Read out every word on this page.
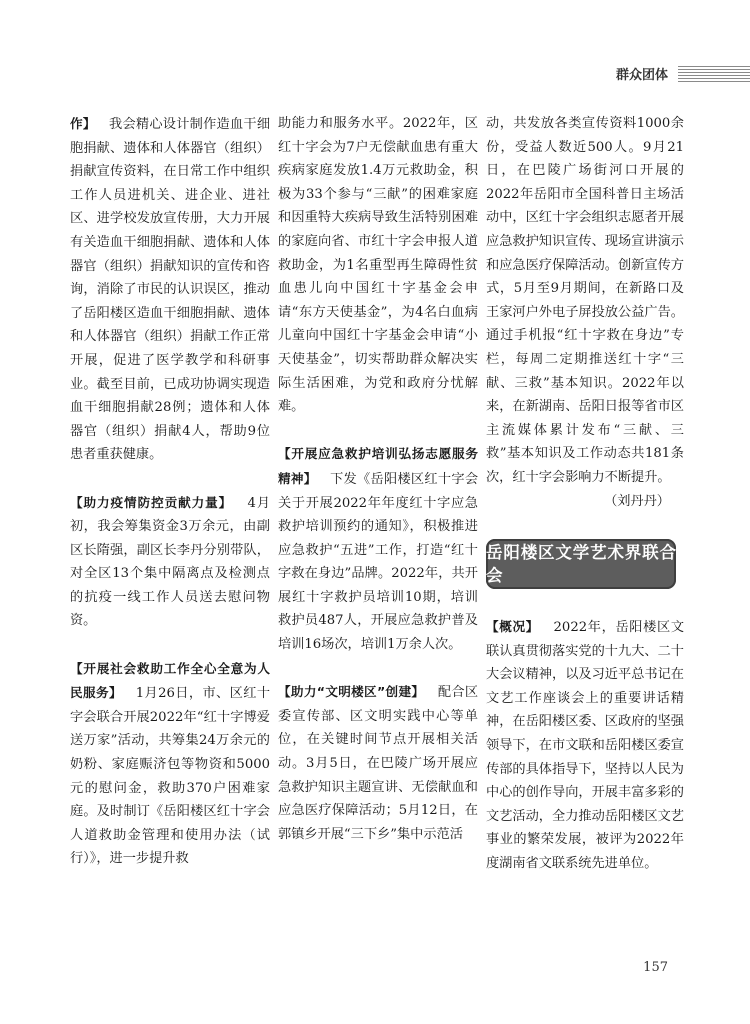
群众团体

作】 我会精心设计制作造血干细胞捐献、遗体和人体器官（组织）捐献宣传资料，在日常工作中组织工作人员进机关、进企业、进社区、进学校发放宣传册，大力开展有关造血干细胞捐献、遗体和人体器官（组织）捐献知识的宣传和咨询，消除了市民的认识误区，推动了岳阳楼区造血干细胞捐献、遗体和人体器官（组织）捐献工作正常开展，促进了医学教学和科研事业。截至目前，已成功协调实现造血干细胞捐献28例；遗体和人体器官（组织）捐献4人，帮助9位患者重获健康。

【助力疫情防控贡献力量】 4月初，我会筹集资金3万余元，由副区长隋强，副区长李丹分别带队，对全区13个集中隔离点及检测点的抗疫一线工作人员送去慰问物资。

【开展社会救助工作全心全意为人民服务】 1月26日，市、区红十字会联合开展2022年“红十字博爱送万家”活动，共筹集24万余元的奶粉、家庭赈济包等物资和5000元的慰问金，救助370户困难家庭。及时制订《岳阳楼区红十字会人道救助金管理和使用办法（试行）》，进一步提升救

助能力和服务水平。2022年，区红十字会为7户无偿献血患有重大疾病家庭发放1.4万元救助金，积极为33个参与“三献”的困难家庭和因重特大疾病导致生活特别困难的家庭向省、市红十字会申报人道救助金，为1名重型再生障碍性贫血患儿向中国红十字基金会申请“东方天使基金”，为4名白血病儿童向中国红十字基金会申请“小天使基金”，切实帮助群众解决实际生活困难，为党和政府分忧解难。

【开展应急救护培训弘扬志愿服务精神】 下发《岳阳楼区红十字会关于开展2022年年度红十字应急救护培训预约的通知》，积极推进应急救护“五进”工作，打造“红十字救在身边”品牌。2022年，共开展红十字救护员培训10期，培训救护员487人，开展应急救护普及培训16场次，培训1万余人次。

【助力“文明楼区”创建】 配合区委宣传部、区文明实践中心等单位，在关键时间节点开展相关活动。3月5日，在巴陵广场开展应急救护知识主题宣讲、无偿献血和应急医疗保障活动；5月12日，在郭镇乡开展“三下乡”集中示范活

动，共发放各类宣传资料1000余份，受益人数近500人。9月21日，在巴陵广场街河口开展的2022年岳阳市全国科普日主场活动中，区红十字会组织志愿者开展应急救护知识宣传、现场宣讲演示和应急医疗保障活动。创新宣传方式，5月至9月期间，在新路口及王家河户外电子屏投放公益广告。通过手机报“红十字救在身边”专栏，每周二定期推送红十字“三献、三救”基本知识。2022年以来，在新湖南、岳阳日报等省市区主流媒体累计发布“三献、三救”基本知识及工作动态共181条次，红十字会影响力不断提升。

（刘丹丹）
岳阳楼区文学艺术界联合会

【概况】 2022年，岳阳楼区文联认真贯彻落实党的十九大、二十大会议精神，以及习近平总书记在文艺工作座谈会上的重要讲话精神，在岳阳楼区委、区政府的坚强领导下，在市文联和岳阳楼区委宣传部的具体指导下，坚持以人民为中心的创作导向，开展丰富多彩的文艺活动，全力推动岳阳楼区文艺事业的繁荣发展，被评为2022年度湖南省文联系统先进单位。

157
